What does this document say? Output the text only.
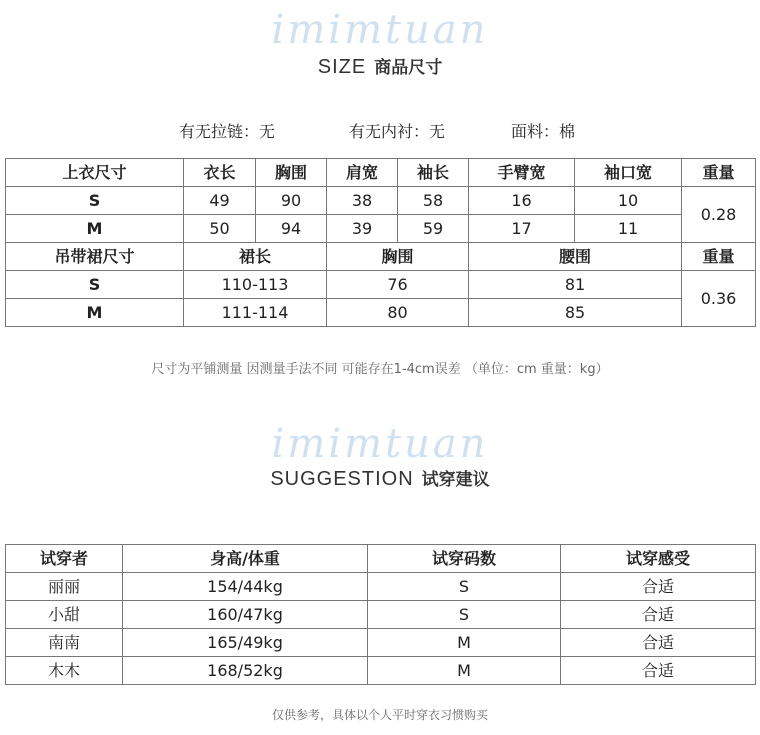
imimtuan
SIZE 商品尺寸
有无拉链：无	有无内衬：无	面料：棉
上衣尺寸	衣长	胸围	肩宽	袖长	手臂宽	袖口宽	重量
S	49	90	38	58	16	10	0.28
M	50	94	39	59	17	11	
吊带裙尺寸	裙长		胸围		腰围		重量
S	110-113		76		81		0.36
M	111-114		80		85		
尺寸为平铺测量 因测量手法不同 可能存在1-4cm误差 （单位：cm 重量：kg）
imimtuan
SUGGESTION 试穿建议
试穿者	身高/体重	试穿码数	试穿感受
丽丽	154/44kg	S	合适
小甜	160/47kg	S	合适
南南	165/49kg	M	合适
木木	168/52kg	M	合适
仅供参考，具体以个人平时穿衣习惯购买
